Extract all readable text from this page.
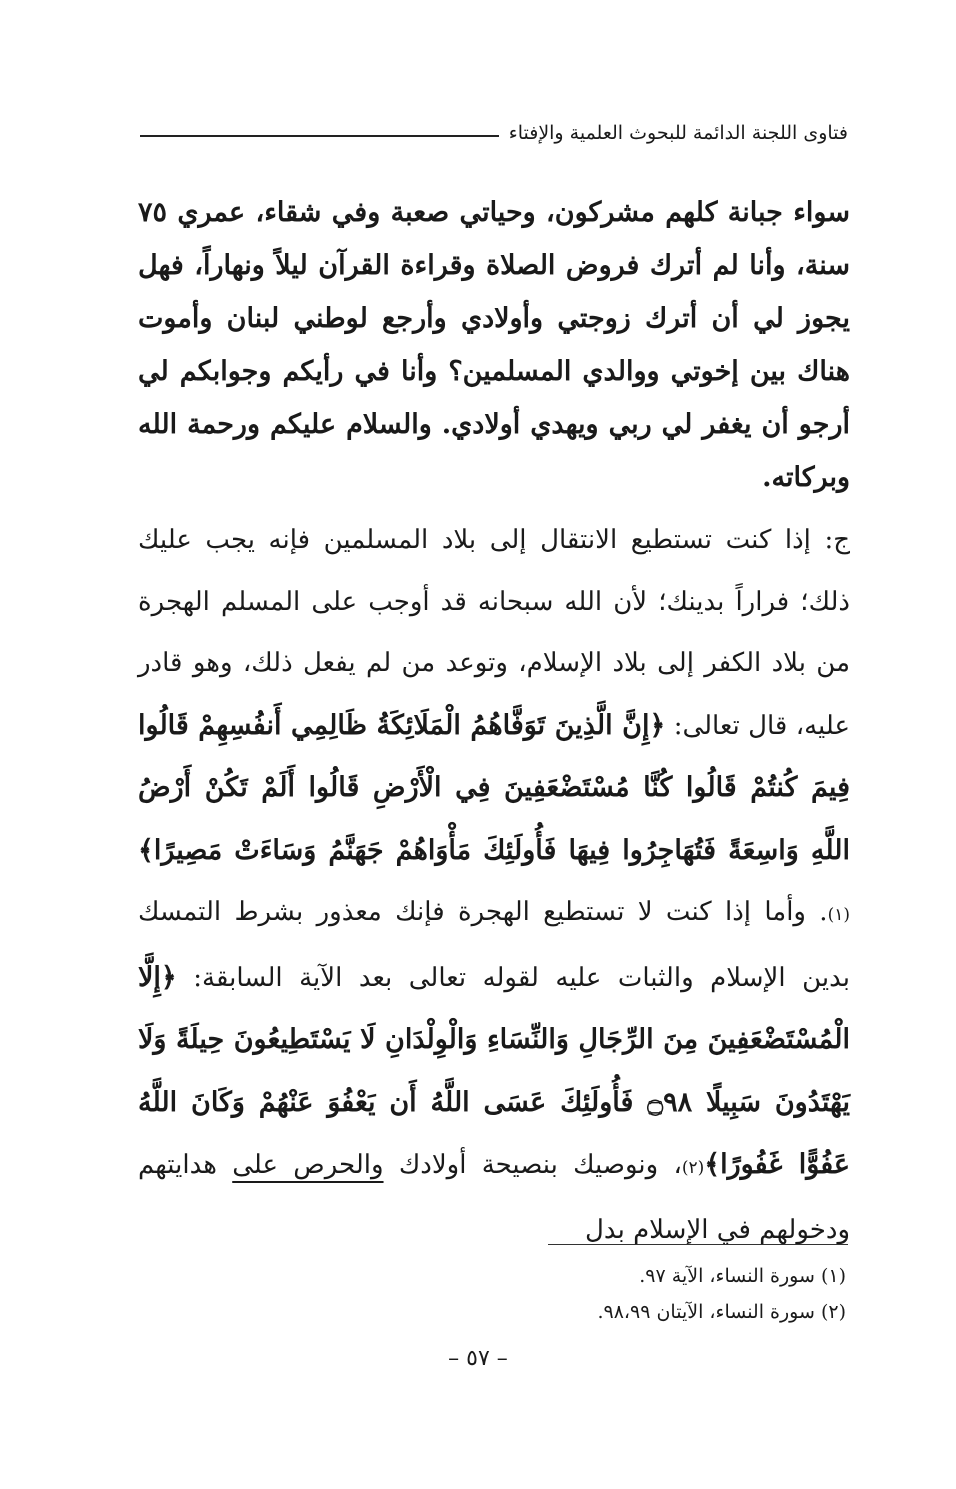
فتاوى اللجنة الدائمة للبحوث العلمية والإفتاء
سواء جبانة كلهم مشركون، وحياتي صعبة وفي شقاء، عمري ٧٥ سنة، وأنا لم أترك فروض الصلاة وقراءة القرآن ليلاً ونهاراً، فهل يجوز لي أن أترك زوجتي وأولادي وأرجع لوطني لبنان وأموت هناك بين إخوتي ووالدي المسلمين؟ وأنا في رأيكم وجوابكم لي أرجو أن يغفر لي ربي ويهدي أولادي. والسلام عليكم ورحمة الله وبركاته.
ج: إذا كنت تستطيع الانتقال إلى بلاد المسلمين فإنه يجب عليك ذلك؛ فراراً بدينك؛ لأن الله سبحانه قد أوجب على المسلم الهجرة من بلاد الكفر إلى بلاد الإسلام، وتوعد من لم يفعل ذلك، وهو قادر عليه، قال تعالى: ﴿إِنَّ الَّذِينَ تَوَفَّاهُمُ الْمَلَائِكَةُ ظَالِمِي أَنفُسِهِمْ قَالُوا فِيمَ كُنتُمْ قَالُوا كُنَّا مُسْتَضْعَفِينَ فِي الْأَرْضِ قَالُوا أَلَمْ تَكُنْ أَرْضُ اللَّهِ وَاسِعَةً فَتُهَاجِرُوا فِيهَا فَأُولَئِكَ مَأْوَاهُمْ جَهَنَّمُ وَسَاءَتْ مَصِيرًا﴾(١). وأما إذا كنت لا تستطيع الهجرة فإنك معذور بشرط التمسك بدين الإسلام والثبات عليه لقوله تعالى بعد الآية السابقة: ﴿إِلَّا الْمُسْتَضْعَفِينَ مِنَ الرِّجَالِ وَالنِّسَاءِ وَالْوِلْدَانِ لَا يَسْتَطِيعُونَ حِيلَةً وَلَا يَهْتَدُونَ سَبِيلًا ۝٩٨ فَأُولَئِكَ عَسَى اللَّهُ أَن يَعْفُوَ عَنْهُمْ وَكَانَ اللَّهُ عَفُوًّا غَفُورًا﴾(٢)، ونوصيك بنصيحة أولادك والحرص على هدايتهم ودخولهم في الإسلام بدل
(١) سورة النساء، الآية ٩٧.
(٢) سورة النساء، الآيتان ٩٨،٩٩.
– ٥٧ –
